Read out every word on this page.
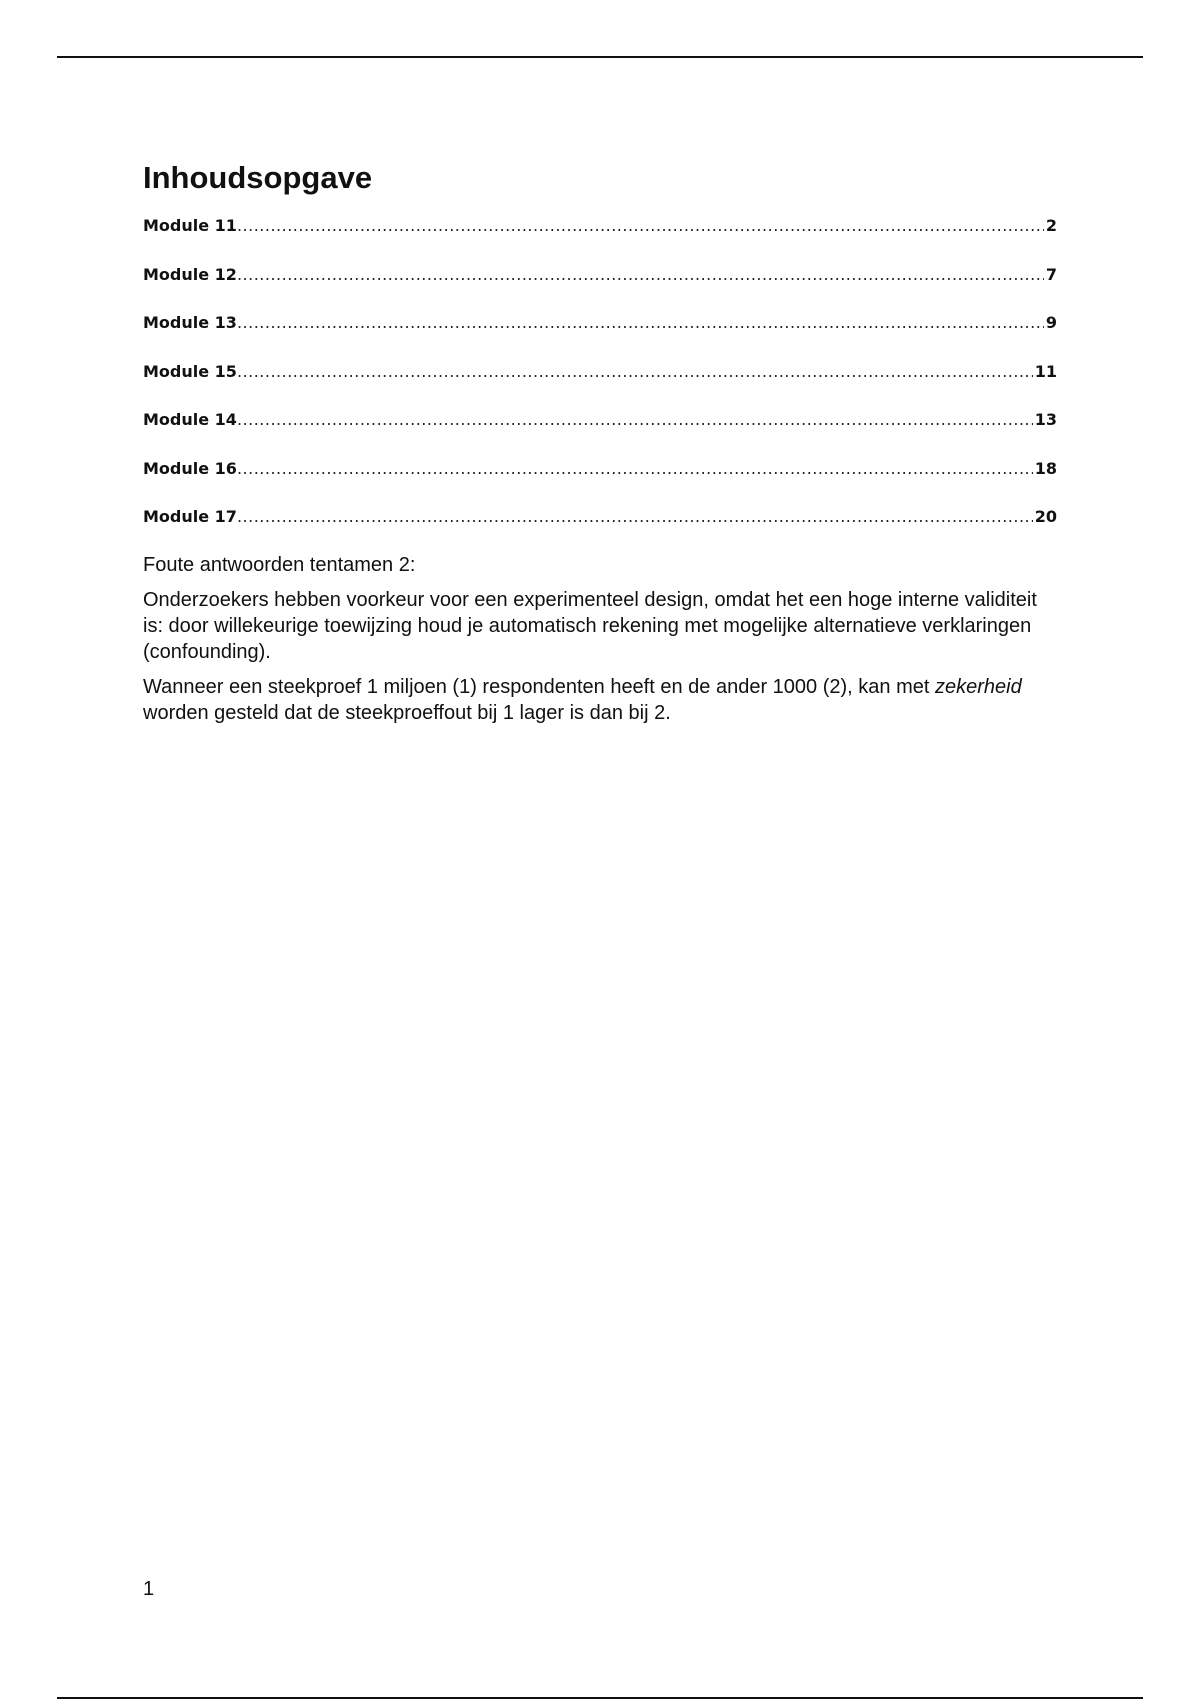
Inhoudsopgave
Module 11 .....	2
Module 12 .....	7
Module 13 .....	9
Module 15 .....	11
Module 14 .....	13
Module 16 .....	18
Module 17 .....	20

Foute antwoorden tentamen 2:

Onderzoekers hebben voorkeur voor een experimenteel design, omdat het een hoge interne validiteit is: door willekeurige toewijzing houd je automatisch rekening met mogelijke alternatieve verklaringen (confounding).

Wanneer een steekproef 1 miljoen (1) respondenten heeft en de ander 1000 (2), kan met zekerheid worden gesteld dat de steekproeffout bij 1 lager is dan bij 2.

1
